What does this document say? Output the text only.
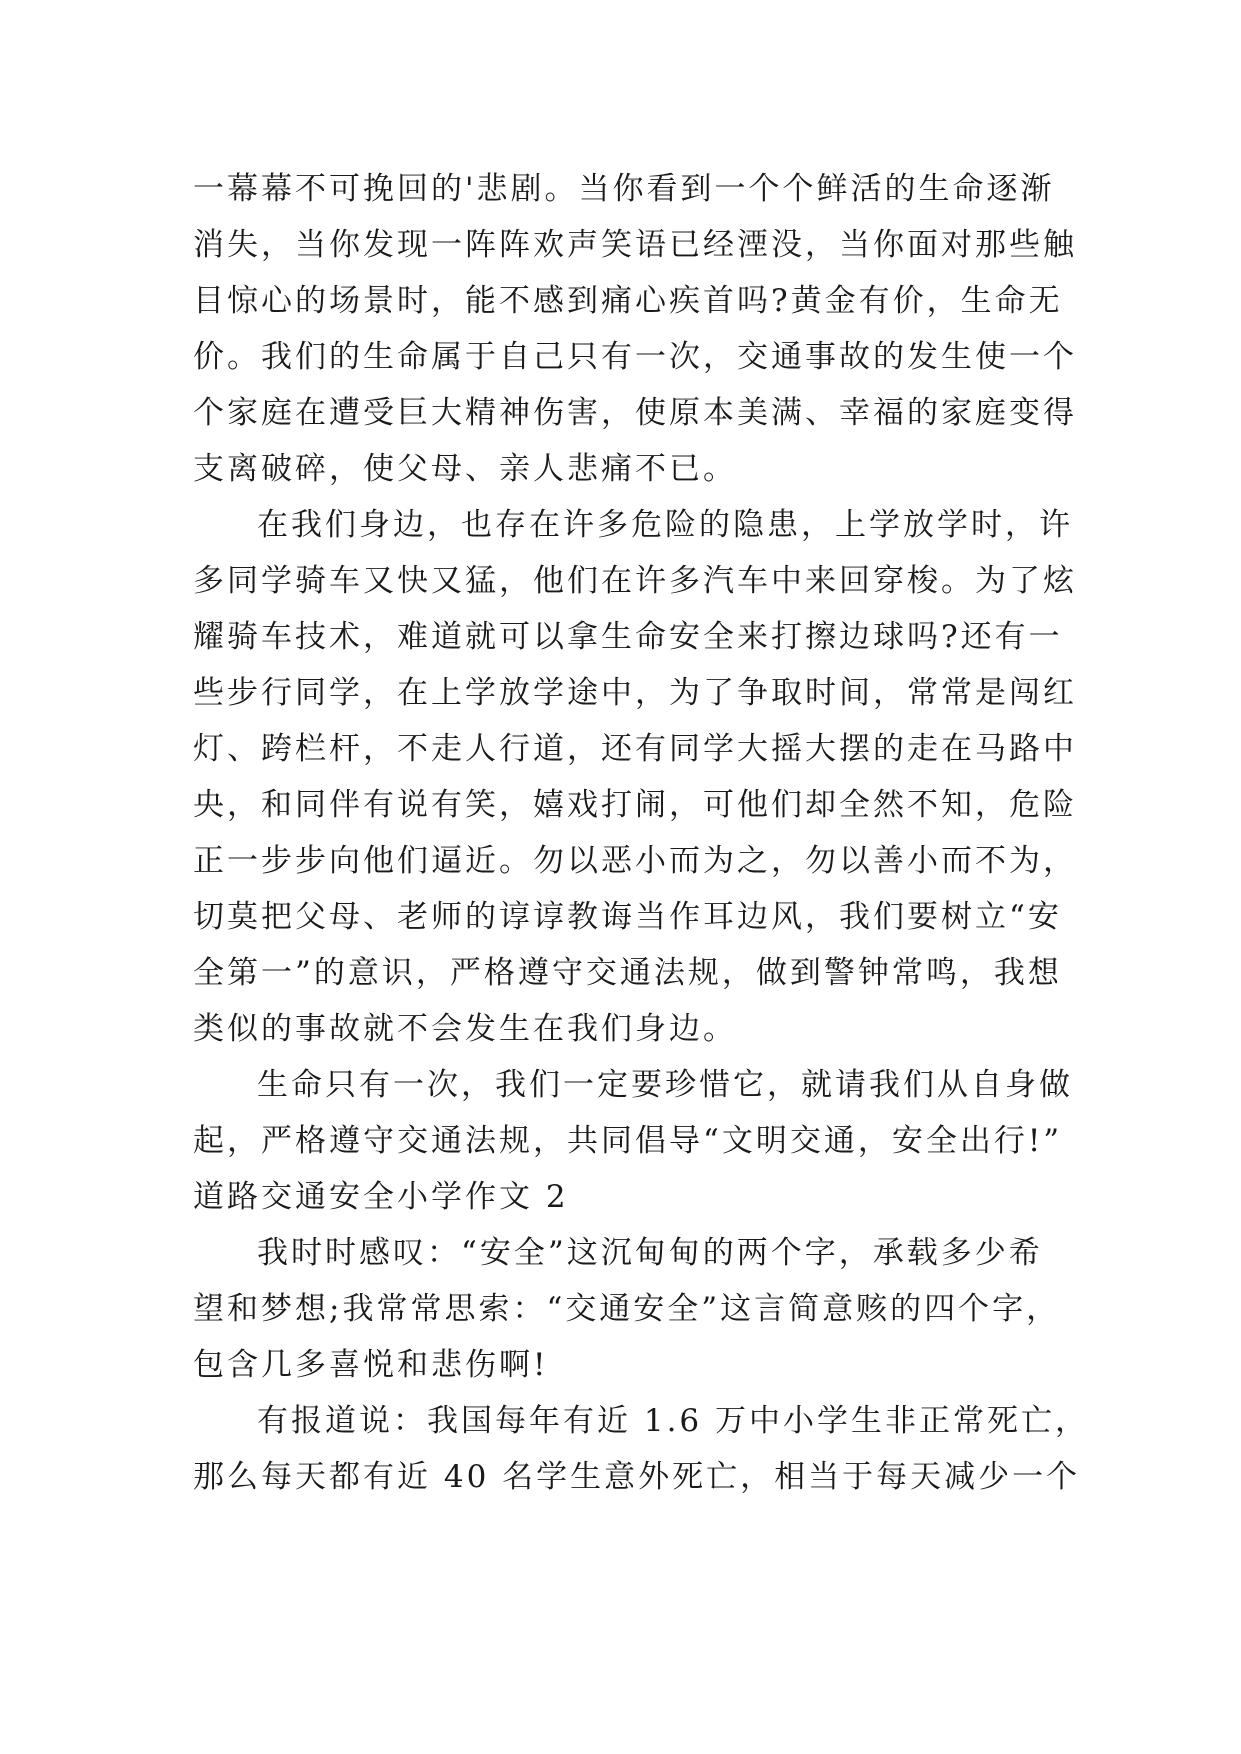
一幕幕不可挽回的'悲剧。当你看到一个个鲜活的生命逐渐
消失，当你发现一阵阵欢声笑语已经湮没，当你面对那些触
目惊心的场景时，能不感到痛心疾首吗?黄金有价，生命无
价。我们的生命属于自己只有一次，交通事故的发生使一个
个家庭在遭受巨大精神伤害，使原本美满、幸福的家庭变得
支离破碎，使父母、亲人悲痛不已。
在我们身边，也存在许多危险的隐患，上学放学时，许
多同学骑车又快又猛，他们在许多汽车中来回穿梭。为了炫
耀骑车技术，难道就可以拿生命安全来打擦边球吗?还有一
些步行同学，在上学放学途中，为了争取时间，常常是闯红
灯、跨栏杆，不走人行道，还有同学大摇大摆的走在马路中
央，和同伴有说有笑，嬉戏打闹，可他们却全然不知，危险
正一步步向他们逼近。勿以恶小而为之，勿以善小而不为，
切莫把父母、老师的谆谆教诲当作耳边风，我们要树立“安
全第一”的意识，严格遵守交通法规，做到警钟常鸣，我想
类似的事故就不会发生在我们身边。
生命只有一次，我们一定要珍惜它，就请我们从自身做
起，严格遵守交通法规，共同倡导“文明交通，安全出行!”
道路交通安全小学作文 2
我时时感叹：“安全”这沉甸甸的两个字，承载多少希
望和梦想;我常常思索：“交通安全”这言简意赅的四个字，
包含几多喜悦和悲伤啊!
有报道说：我国每年有近 1.6 万中小学生非正常死亡，
那么每天都有近 40 名学生意外死亡，相当于每天减少一个
